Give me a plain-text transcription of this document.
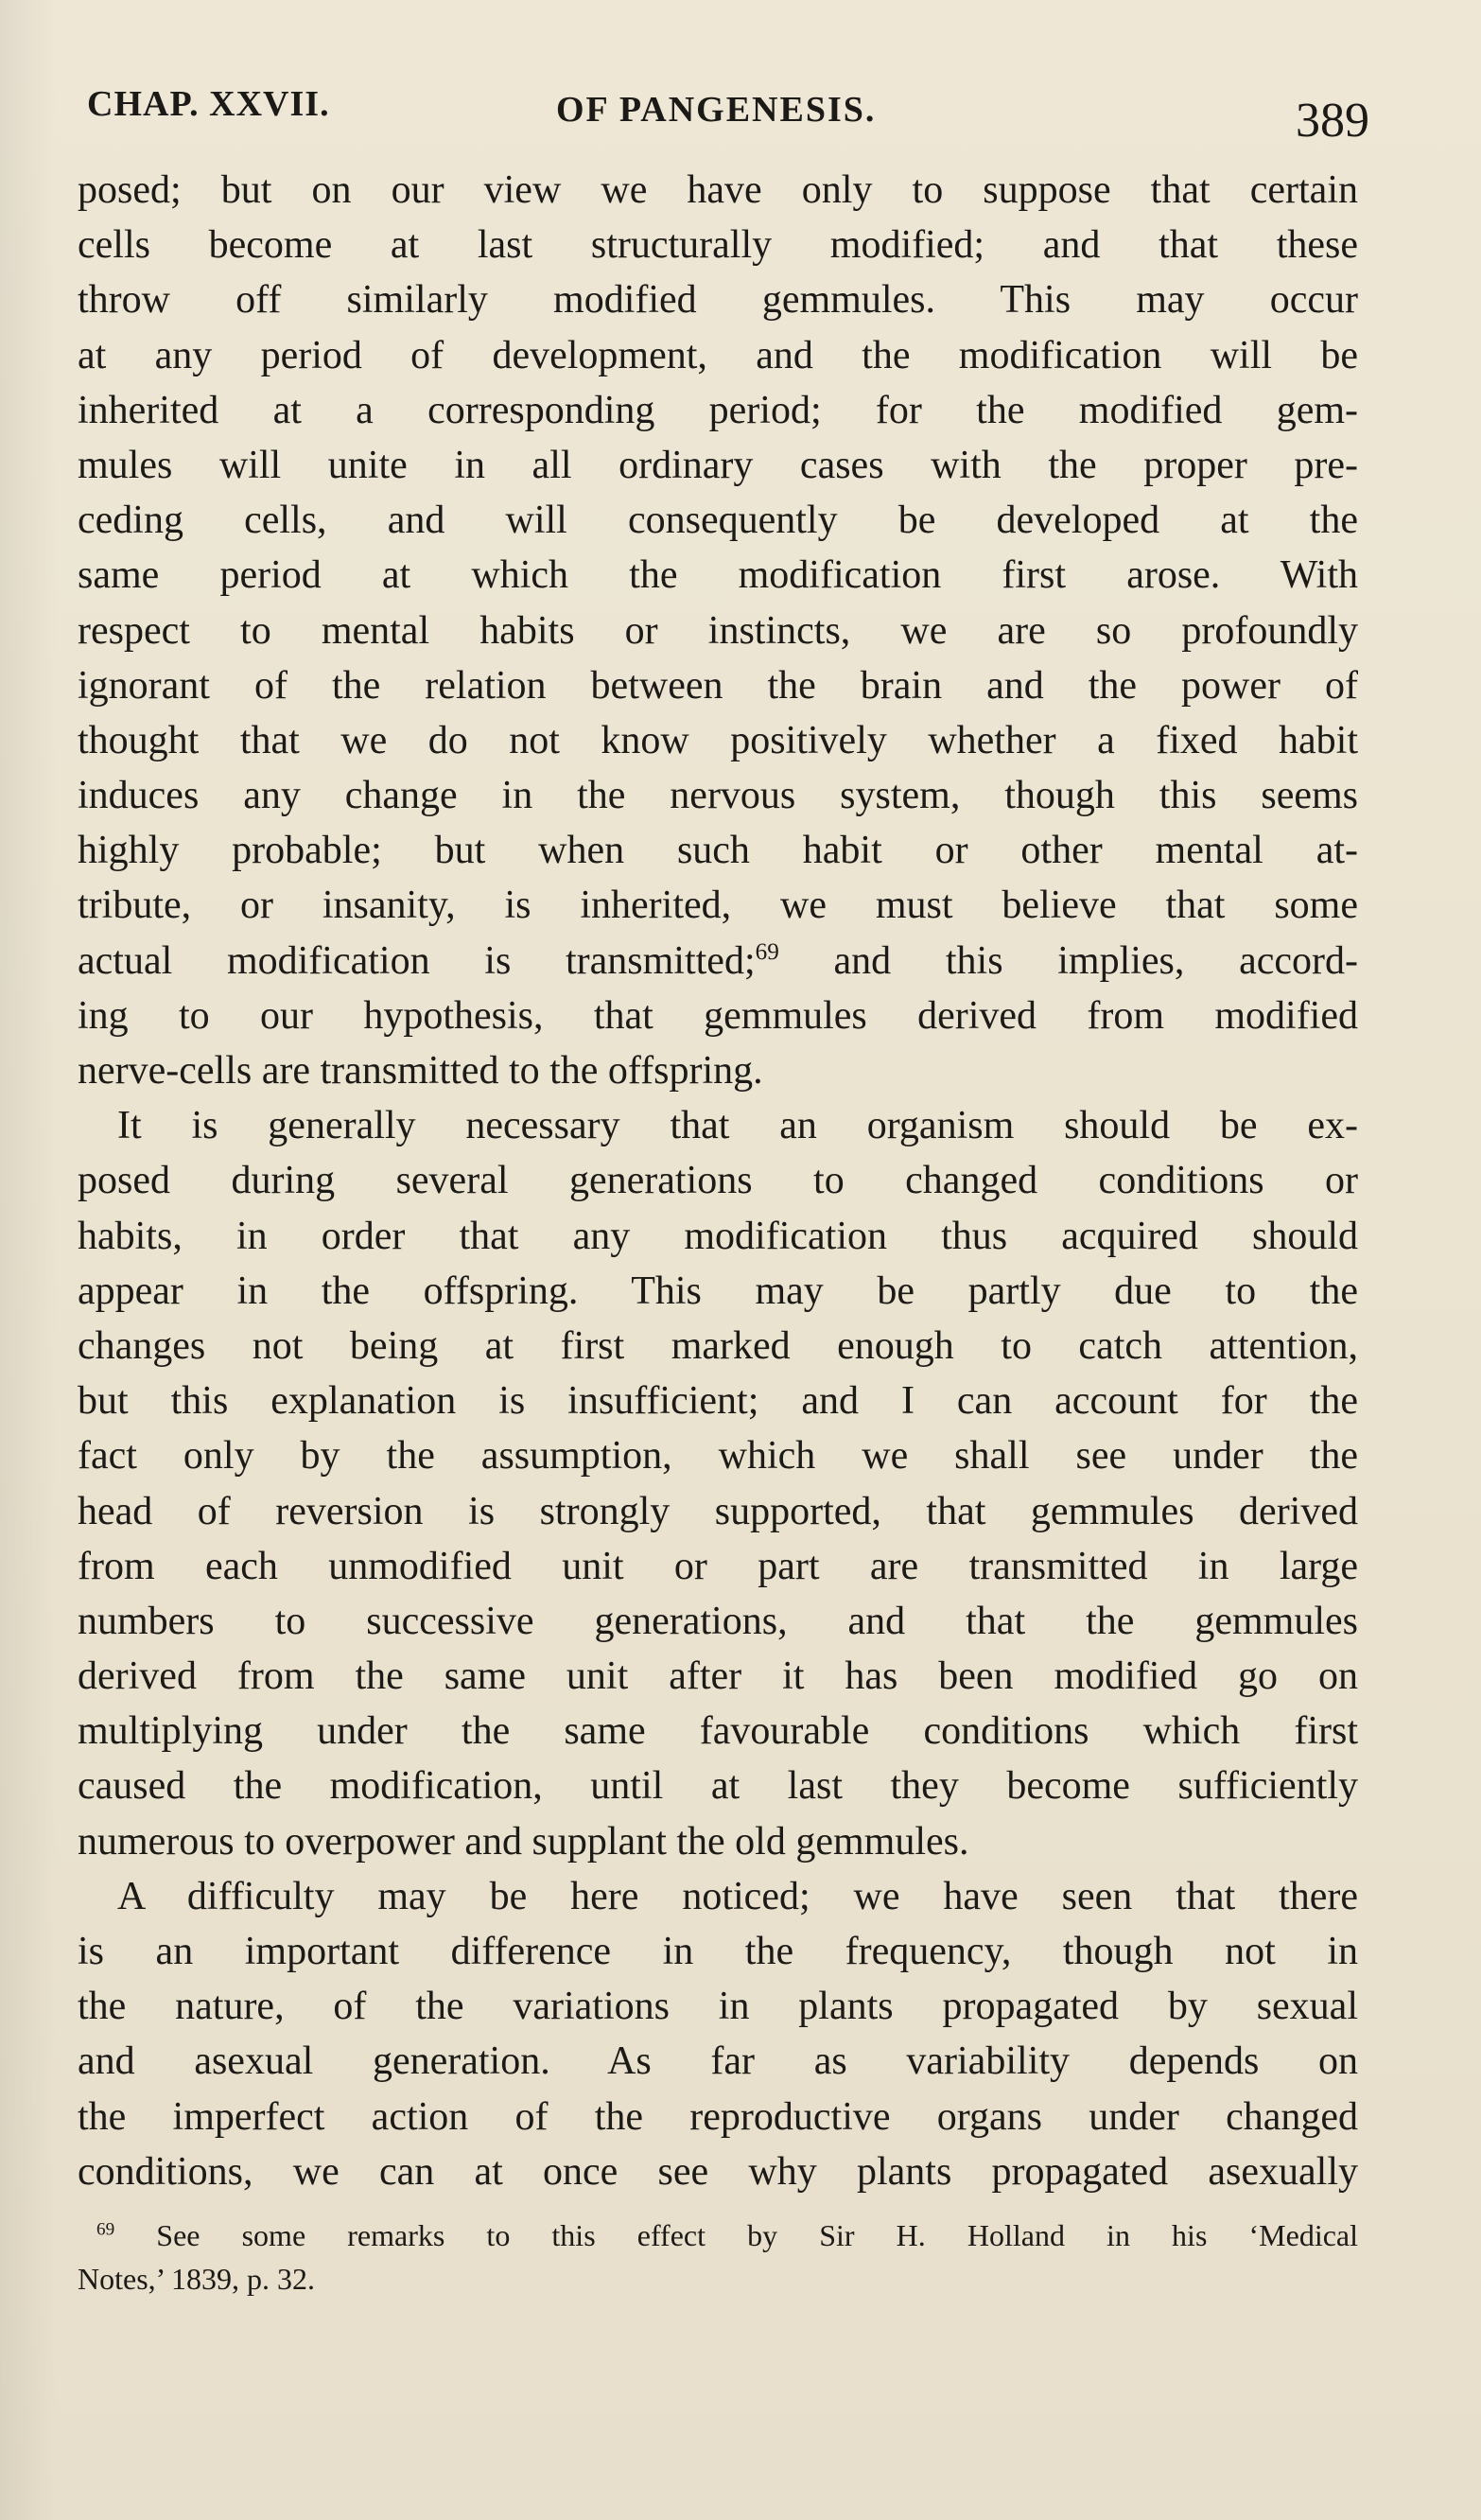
CHAP. XXVII.	OF PANGENESIS.	389
posed; but on our view we have only to suppose that certain
cells become at last structurally modified; and that these
throw off similarly modified gemmules. This may occur
at any period of development, and the modification will be
inherited at a corresponding period; for the modified gem-
mules will unite in all ordinary cases with the proper pre-
ceding cells, and will consequently be developed at the
same period at which the modification first arose. With
respect to mental habits or instincts, we are so profoundly
ignorant of the relation between the brain and the power of
thought that we do not know positively whether a fixed habit
induces any change in the nervous system, though this seems
highly probable; but when such habit or other mental at-
tribute, or insanity, is inherited, we must believe that some
actual modification is transmitted;$^{69}$ and this implies, accord-
ing to our hypothesis, that gemmules derived from modified
nerve-cells are transmitted to the offspring.
It is generally necessary that an organism should be ex-
posed during several generations to changed conditions or
habits, in order that any modification thus acquired should
appear in the offspring. This may be partly due to the
changes not being at first marked enough to catch attention,
but this explanation is insufficient; and I can account for the
fact only by the assumption, which we shall see under the
head of reversion is strongly supported, that gemmules derived
from each unmodified unit or part are transmitted in large
numbers to successive generations, and that the gemmules
derived from the same unit after it has been modified go on
multiplying under the same favourable conditions which first
caused the modification, until at last they become sufficiently
numerous to overpower and supplant the old gemmules.
A difficulty may be here noticed; we have seen that there
is an important difference in the frequency, though not in
the nature, of the variations in plants propagated by sexual
and asexual generation. As far as variability depends on
the imperfect action of the reproductive organs under changed
conditions, we can at once see why plants propagated asexually
$^{69}$ See some remarks to this effect by Sir H. Holland in his ‘Medical
Notes,’ 1839, p. 32.
